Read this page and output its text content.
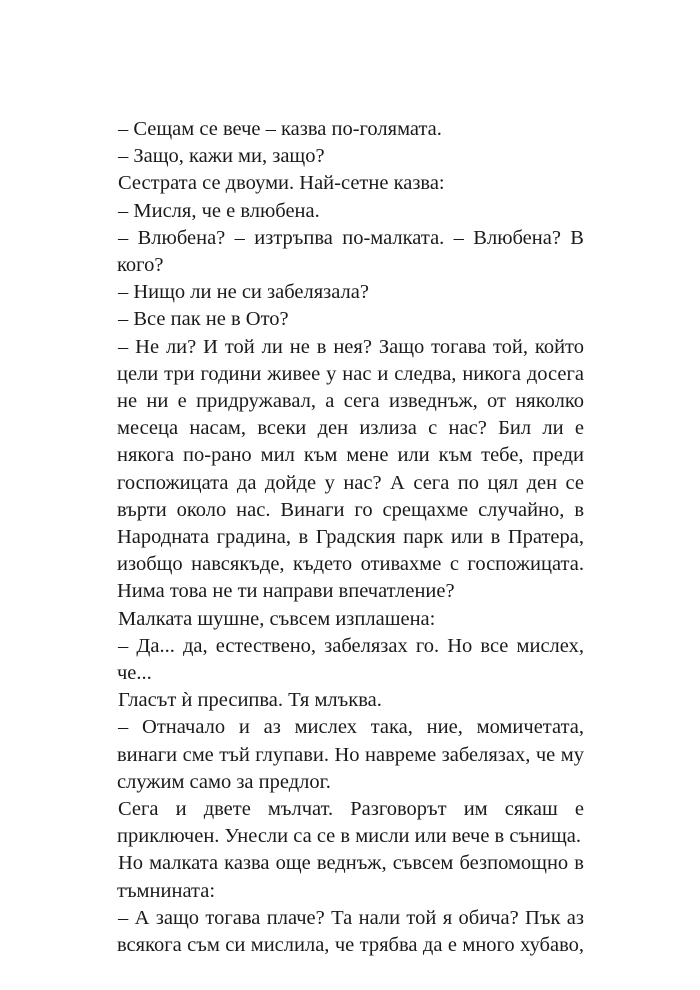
– Сещам се вече – казва по-голямата.

– Защо, кажи ми, защо?

Сестрата се двоуми. Най-сетне казва:

– Мисля, че е влюбена.

– Влюбена? – изтръпва по-малката. – Влюбена? В кого?

– Нищо ли не си забелязала?

– Все пак не в Ото?

– Не ли? И той ли не в нея? Защо тогава той, който цели три години живее у нас и следва, никога досега не ни е придружавал, а сега изведнъж, от няколко месеца насам, всеки ден излиза с нас? Бил ли е някога по-рано мил към мене или към тебе, преди госпожицата да дойде у нас? А сега по цял ден се върти около нас. Винаги го срещахме случайно, в Народната градина, в Градския парк или в Пратера, изобщо навсякъде, където отивахме с госпожицата. Нима това не ти направи впечатление?

Малката шушне, съвсем изплашена:

– Да... да, естествено, забелязах го. Но все мислех, че...

Гласът ѝ пресипва. Тя млъква.

– Отначало и аз мислех така, ние, момичетата, винаги сме тъй глупави. Но навреме забелязах, че му служим само за предлог.

Сега и двете мълчат. Разговорът им сякаш е приключен. Унесли са се в мисли или вече в сънища.

Но малката казва още веднъж, съвсем безпомощно в тъмнината:

– А защо тогава плаче? Та нали той я обича? Пък аз всякога съм си мислила, че трябва да е много хубаво,
